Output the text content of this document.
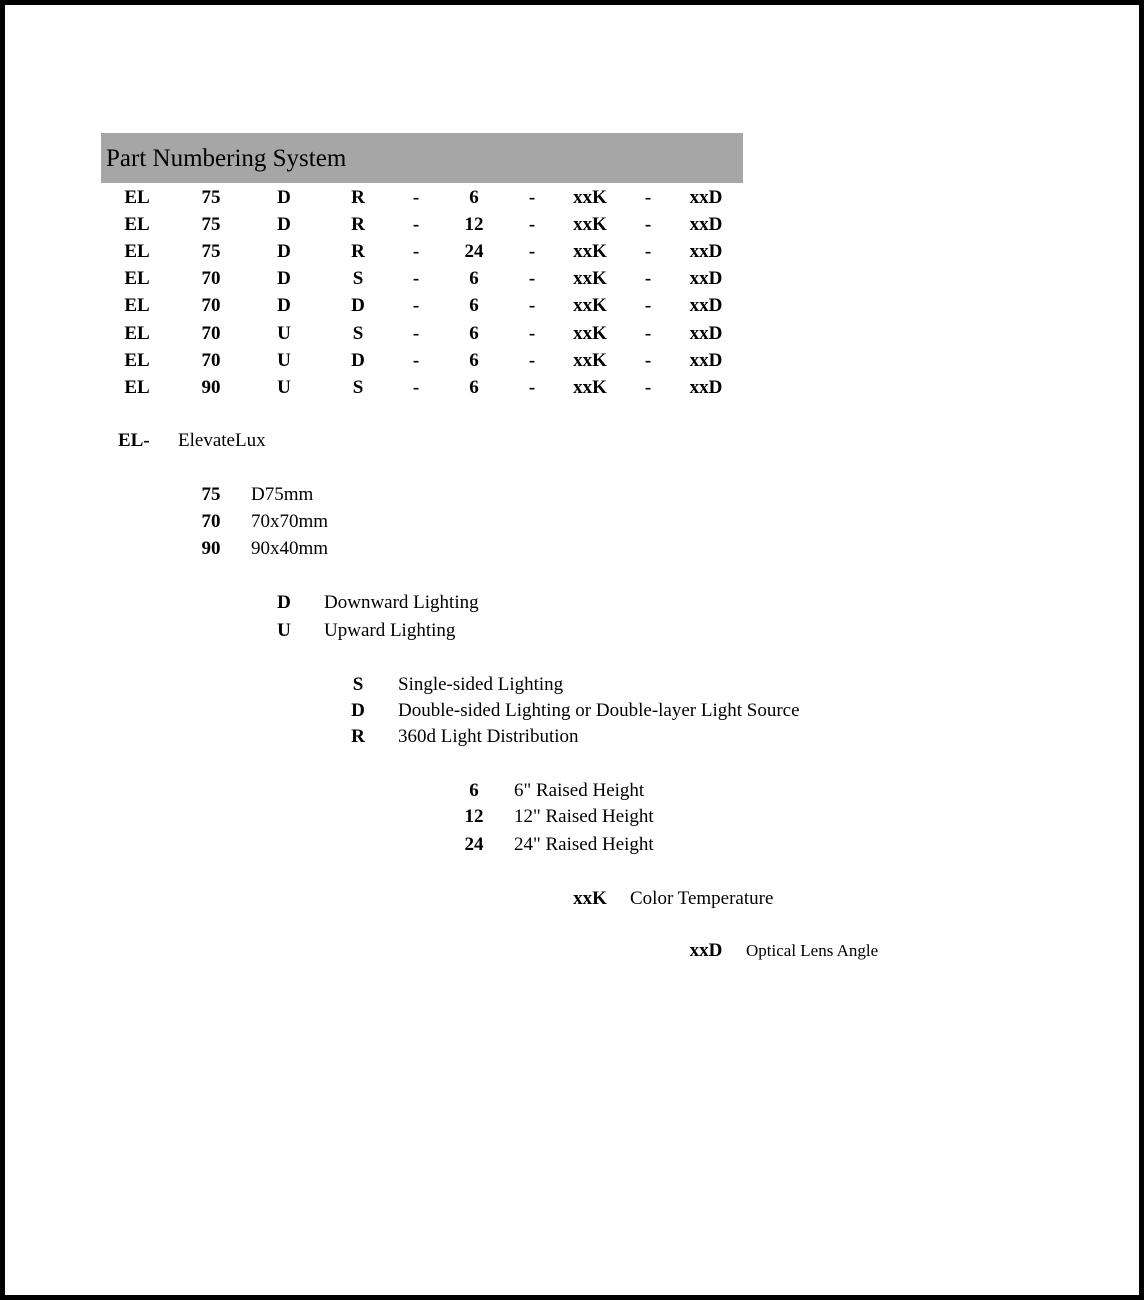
Part Numbering System
EL	75	D	R	-	6	-	xxK	-	xxD
EL	75	D	R	-	12	-	xxK	-	xxD
EL	75	D	R	-	24	-	xxK	-	xxD
EL	70	D	S	-	6	-	xxK	-	xxD
EL	70	D	D	-	6	-	xxK	-	xxD
EL	70	U	S	-	6	-	xxK	-	xxD
EL	70	U	D	-	6	-	xxK	-	xxD
EL	90	U	S	-	6	-	xxK	-	xxD
EL- ElevateLux
75	D75mm
70	70x70mm
90	90x40mm
D	Downward Lighting
U	Upward Lighting
S	Single-sided Lighting
D	Double-sided Lighting or Double-layer Light Source
R	360d Light Distribution
6	6" Raised Height
12	12" Raised Height
24	24" Raised Height
xxK	Color Temperature
xxD	Optical Lens Angle
